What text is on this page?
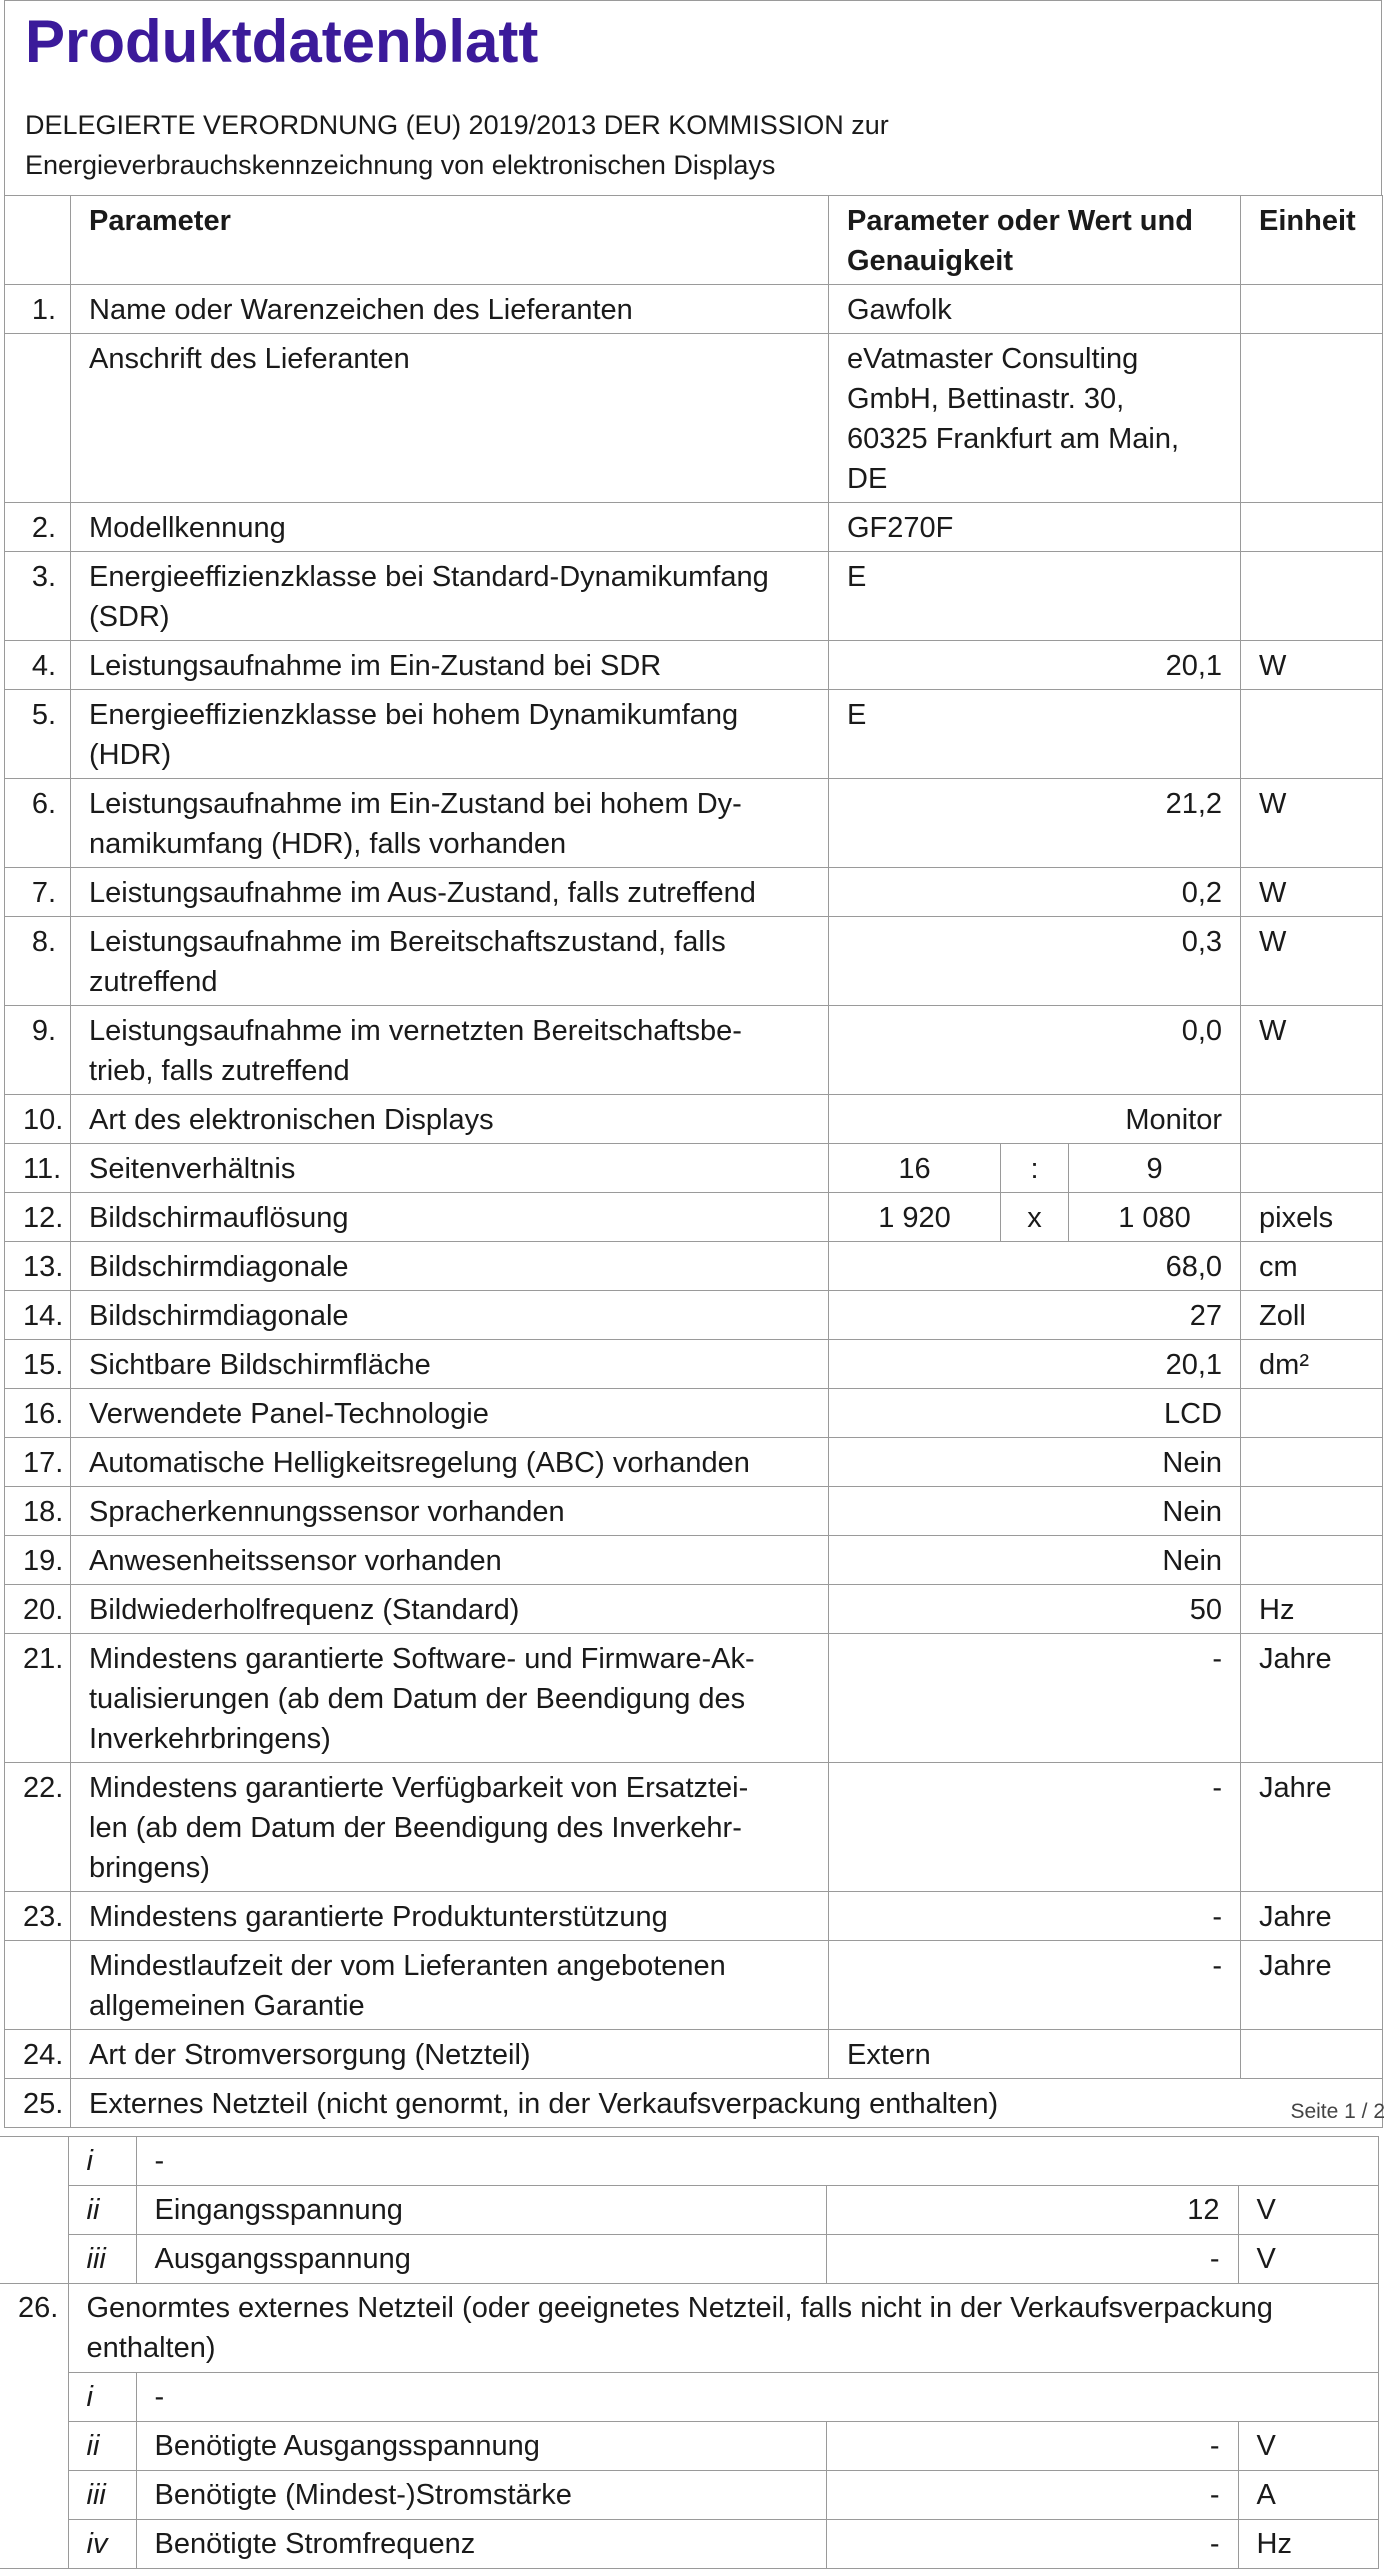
Produktdatenblatt
DELEGIERTE VERORDNUNG (EU) 2019/2013 DER KOMMISSION zur
Energieverbrauchskennzeichnung von elektronischen Displays
	Parameter	Parameter oder Wert und
Genauigkeit			Einheit
1.	Name oder Warenzeichen des Lieferanten	Gawfolk			
	Anschrift des Lieferanten	eVatmaster Consulting
GmbH, Bettinastr. 30,
60325 Frankfurt am Main,
DE			

2.	Modellkennung	GF270F			
3.	Energieeffizienzklasse bei Standard-Dynamikumfang
(SDR)	E			
4.	Leistungsaufnahme im Ein-Zustand bei SDR	20,1			W
5.	Energieeffizienzklasse bei hohem Dynamikumfang
(HDR)	E			
6.	Leistungsaufnahme im Ein-Zustand bei hohem Dy-
namikumfang (HDR), falls vorhanden	21,2			W
7.	Leistungsaufnahme im Aus-Zustand, falls zutreffend	0,2			W
8.	Leistungsaufnahme im Bereitschaftszustand, falls
zutreffend	0,3			W
9.	Leistungsaufnahme im vernetzten Bereitschaftsbe-
trieb, falls zutreffend	0,0			W
10.	Art des elektronischen Displays	Monitor			
11.	Seitenverhältnis	16	:	9	
12.	Bildschirmauflösung	1 920	x	1 080	pixels
13.	Bildschirmdiagonale	68,0			cm
14.	Bildschirmdiagonale	27			Zoll
15.	Sichtbare Bildschirmfläche	20,1			dm²
16.	Verwendete Panel-Technologie	LCD			
17.	Automatische Helligkeitsregelung (ABC) vorhanden	Nein			
18.	Spracherkennungssensor vorhanden	Nein			
19.	Anwesenheitssensor vorhanden	Nein			
20.	Bildwiederholfrequenz (Standard)	50			Hz
21.	Mindestens garantierte Software- und Firmware-Ak-
tualisierungen (ab dem Datum der Beendigung des
Inverkehrbringens)	-			Jahre
22.	Mindestens garantierte Verfügbarkeit von Ersatztei-
len (ab dem Datum der Beendigung des Inverkehr-
bringens)	-			Jahre
23.	Mindestens garantierte Produktunterstützung	-			Jahre

	Mindestlaufzeit der vom Lieferanten angebotenen
allgemeinen Garantie	-			Jahre
24.	Art der Stromversorgung (Netzteil)	Extern			
25.	Externes Netzteil (nicht genormt, in der Verkaufsverpackung enthalten)					Seite 1 / 2
	i	-		
	ii	Eingangsspannung	12	V
	iii	Ausgangsspannung	-	V
26.	Genormtes externes Netzteil (oder geeignetes Netzteil, falls nicht in der Verkaufsverpackung
enthalten)			

	i	-		
	ii	Benötigte Ausgangsspannung	-	V
	iii	Benötigte (Mindest-)Stromstärke	-	A
	iv	Benötigte Stromfrequenz	-	Hz
